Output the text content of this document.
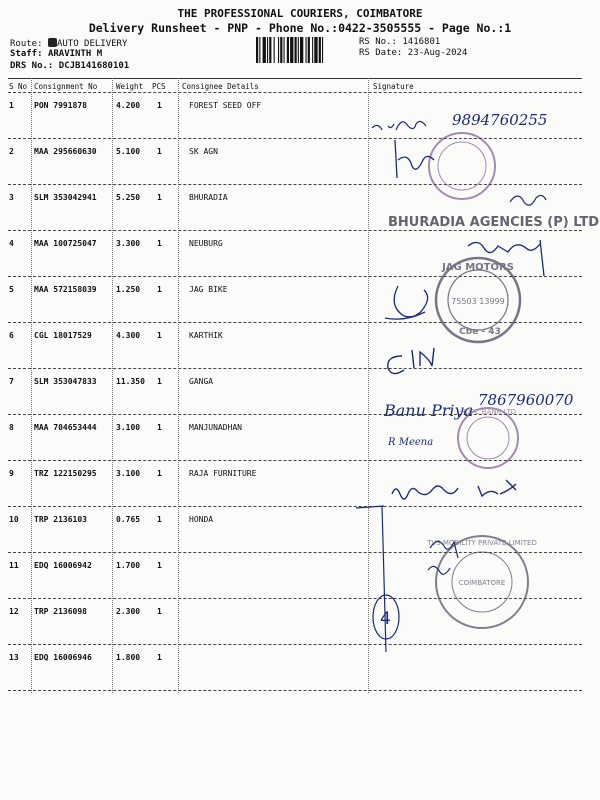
THE PROFESSIONAL COURIERS, COIMBATORE
Delivery Runsheet - PNP - Phone No.:0422-3505555 - Page No.:1
Route: AUTO DELIVERY
Staff: ARAVINTH M
DRS No.: DCJB141680101
RS No.: 1416801
RS Date: 23-Aug-2024
S No Consignment No	Weight PCS Consignee Details	Signature
1	PON 7991878	4.200 1	FOREST SEED OFF
2	MAA 295660630 5.100 1	SK AGN
3	SLM 353042941 5.250 1	BHURADIA
4	MAA 100725047 3.300 1	NEUBURG
5	MAA 572158039 1.250 1	JAG BIKE
6	CGL 18017529	4.300 1	KARTHIK
7	SLM 353047833 11.350 1	GANGA
8	MAA 704653444 3.100 1	MANJUNADHAN
9	TRZ 122150295 3.100 1	RAJA FURNITURE
10 TRP 2136103	0.765 1	HONDA
11 EDQ 16006942	1.700 1
12 TRP 2136098	2.300 1
13 EDQ 16006946	1.800 1
9894760255
BHURADIA AGENCIES (P) LTD
JAG MOTORS
75503 13999
Cbe - 43
Banu Priya
7867960070
R Meena
HDFC BANK LTD
TVS MOBILITY PRIVATE LIMITED
COIMBATORE
4
